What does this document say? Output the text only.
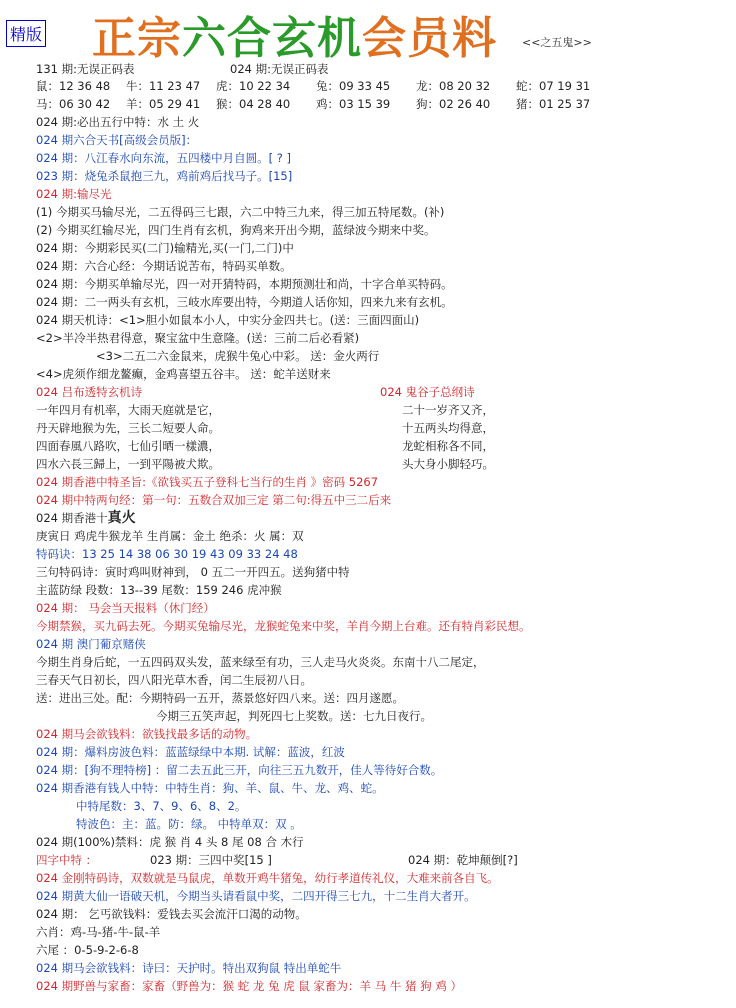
精版 正宗六合玄机会员料 <<之五鬼>>
131 期:无误正码表	024 期:无误正码表
鼠：12 36 48 牛：11 23 47 虎：10 22 34 兔：09 33 45 龙：08 20 32 蛇：07 19 31
马：06 30 42 羊：05 29 41 猴：04 28 40 鸡：03 15 39 狗：02 26 40 猪：01 25 37
024 期:必出五行中特：水 土 火
024 期六合天书[高级会员版]：
024 期：八江春水向东流，五四楼中月自圆。[ ? ]
023 期：烧兔杀鼠抱三九，鸡前鸡后找马子。[15]
024 期:输尽光
(1) 今期买马输尽光，二五得码三七跟，六二中特三九来，得三加五特尾数。(补)
(2) 今期买红输尽光，四门生肖有玄机，狗鸡来开出今期，蓝绿波今期来中奖。
024 期：今期彩民买(二门)输精光,买(一门,二门)中
024 期：六合心经：今期话说苦布，特码买单数。
024 期：今期买单输尽光，四一对开猜特码，本期预测壮和尚，十字合单买特码。
024 期：二一两头有玄机，三岐水库要出特，今期道人话你知，四来九来有玄机。
024 期天机诗：<1>胆小如鼠本小人，中实分金四共七。(送：三面四面山)
<2>半冷半热君得意，聚宝盆中生意隆。(送：三前二后必看紧)
<3>二五二六金鼠来，虎猴牛兔心中彩。 送：金火两行
<4>虎须作细龙鳌癫，金鸡喜望五谷丰。 送：蛇羊送财来
024 吕布透特玄机诗	024 鬼谷子总纲诗
一年四月有机率，大雨天庭就是它，
丹天辟地猴为先，三长二短要人命。
四面春風八路吹，七仙引晒一樣濃，
四水六長三歸上，一到平陽被犬欺。
二十一岁齐又齐，
十五两头均得意，
龙蛇相称各不同，
头大身小脚轻巧。
024 期香港中特圣旨:《欲钱买五子登科七当行的生肖 》密码 5267
024 期中特两句经：第一句：五数合双加三定 第二句:得五中三二后来
024 期香港十真火
庚寅日 鸡虎牛猴龙羊 生肖属：金土 绝杀：火 属：双
特码诀：13 25 14 38 06 30 19 43 09 33 24 48
三句特码诗：寅时鸡叫财神到， 0 五二一开四五。送狗猪中特
主蓝防绿 段数：13--39 尾数：159 246 虎冲猴
024 期： 马会当天报料（休门经）
今期禁猴，买九码去死。今期买兔输尽光，龙猴蛇兔来中奖，羊肖今期上台难。还有特肖彩民想。
024 期 澳门葡京赌侠
今期生肖身后蛇，一五四码双头发，蓝来绿至有功，三人走马火炎炎。东南十八二尾定，
三春天气日初长，四八阳光草木香，闰二生辰初八日。
送：进出三处。配：今期特码一五开，蒸景悠好四八来。送：四月遂愿。
今期三五笑声起，判死四七上奖数。送：七九日夜行。
024 期马会欲钱料：欲钱找最多话的动物。
024 期：爆料房波色料：蓝蓝绿绿中本期. 试解：蓝波，红波
024 期：[狗不理特榜] ：留二去五此三开，向往三五九数开，佳人等待好合数。
024 期香港有钱人中特：中特生肖：狗、羊、鼠、牛、龙、鸡、蛇。
中特尾数：3、7、9、6、8、2。
特波色：主：蓝。防：绿。 中特单双：双 。
024 期(100%)禁料：虎 猴 肖 4 头 8 尾 08 合 木行
四字中特 ：	023 期：三四中奖[15 ]	024 期：乾坤颠倒[?]
024 金刚特码诗，双数就是马鼠虎，单数开鸡牛猪兔，幼行孝道传礼仪，大难来前各自飞。
024 期黄大仙一语破天机，今期当头请看鼠中奖，二四开得三七九，十二生肖大者开。
024 期： 乞丐欲钱料：爱钱去买会流汗口渴的动物。
六肖：鸡-马-猪-牛-鼠-羊
六尾 ：0-5-9-2-6-8
024 期马会欲钱料：诗曰：天护时。特出双狗鼠 特出单蛇牛
024 期野兽与家畜：家畜（野兽为：猴 蛇 龙 兔 虎 鼠 家畜为：羊 马 牛 猪 狗 鸡 ）
